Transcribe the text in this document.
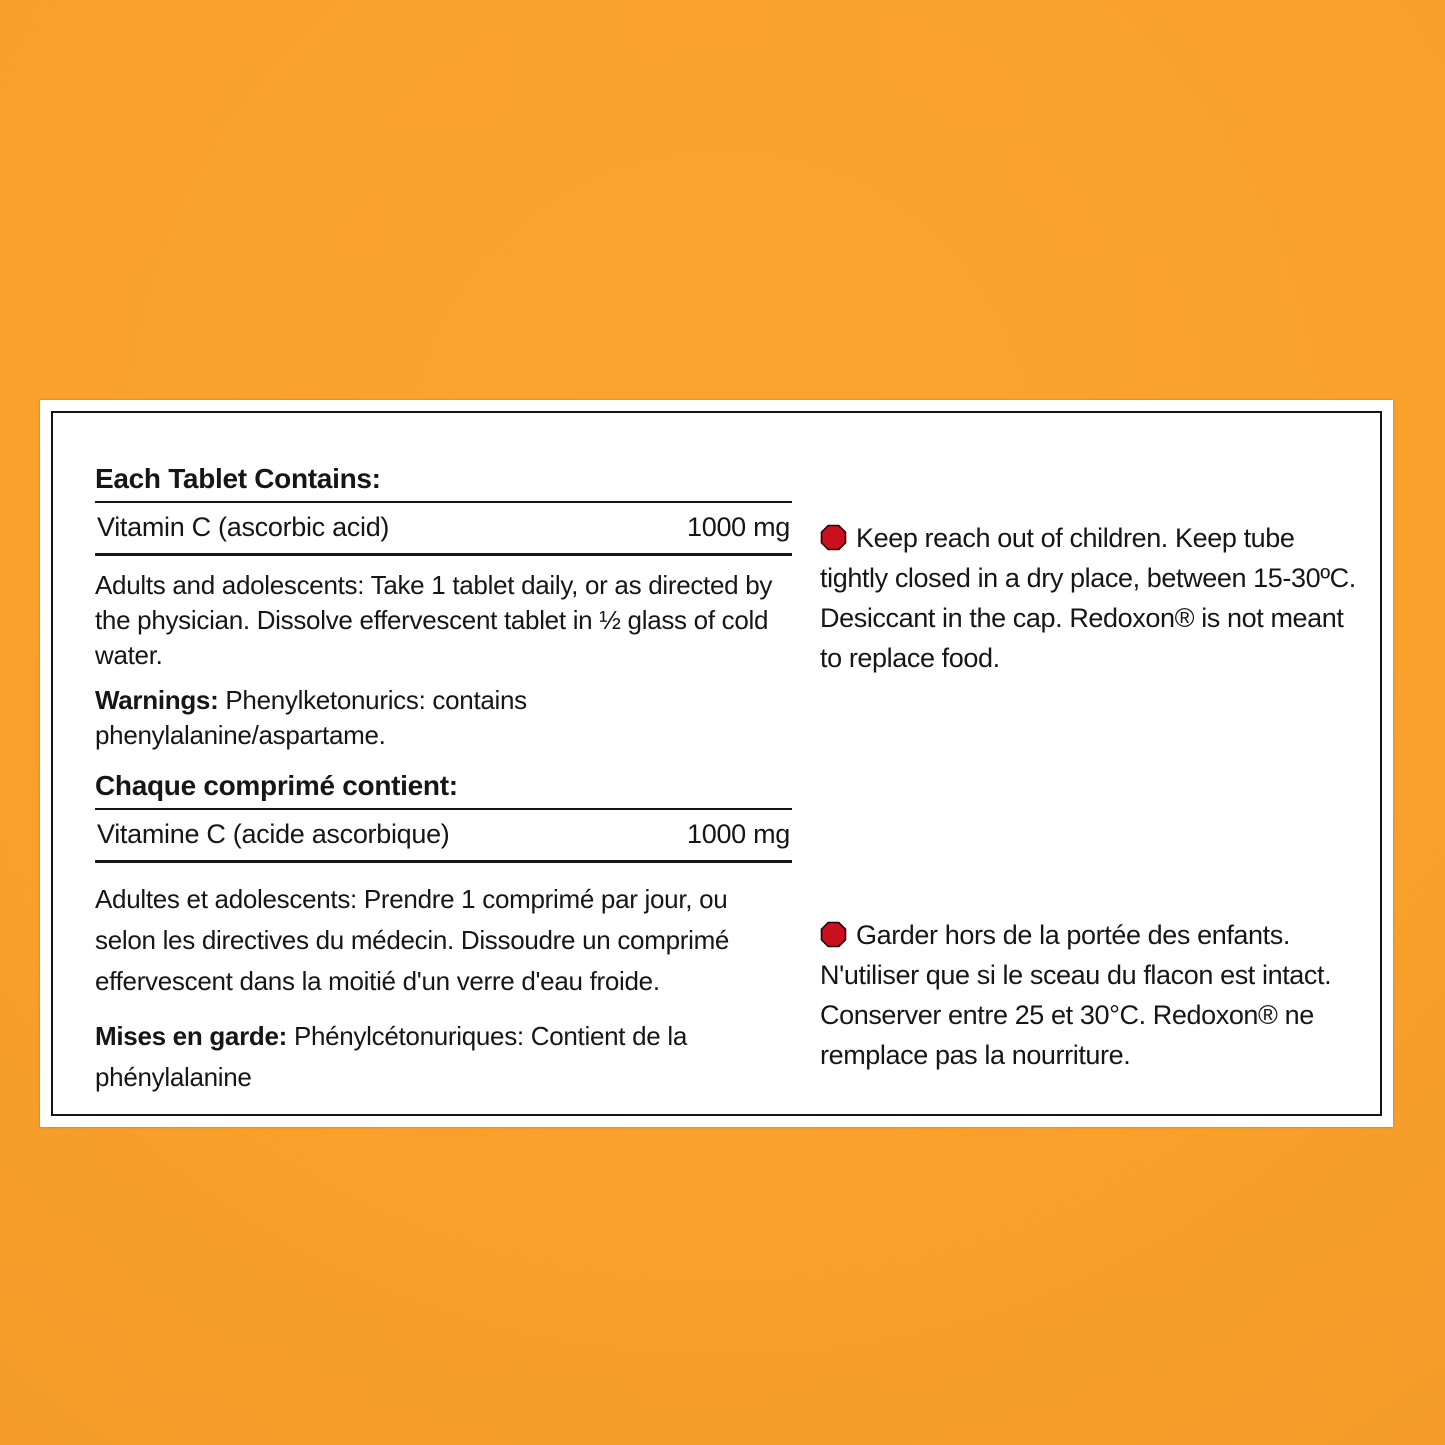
Each Tablet Contains:
Vitamin C (ascorbic acid)	1000 mg

Adults and adolescents: Take 1 tablet daily, or as directed by the physician. Dissolve effervescent tablet in ½ glass of cold water.

Warnings: Phenylketonurics: contains phenylalanine/aspartame.

Chaque comprimé contient:
Vitamine C (acide ascorbique)	1000 mg

Adultes et adolescents: Prendre 1 comprimé par jour, ou selon les directives du médecin. Dissoudre un comprimé effervescent dans la moitié d'un verre d'eau froide.

Mises en garde: Phénylcétonuriques: Contient de la phénylalanine

Keep reach out of children. Keep tube tightly closed in a dry place, between 15-30ºC. Desiccant in the cap. Redoxon® is not meant to replace food.
Garder hors de la portée des enfants. N'utiliser que si le sceau du flacon est intact. Conserver entre 25 et 30°C. Redoxon® ne remplace pas la nourriture.
